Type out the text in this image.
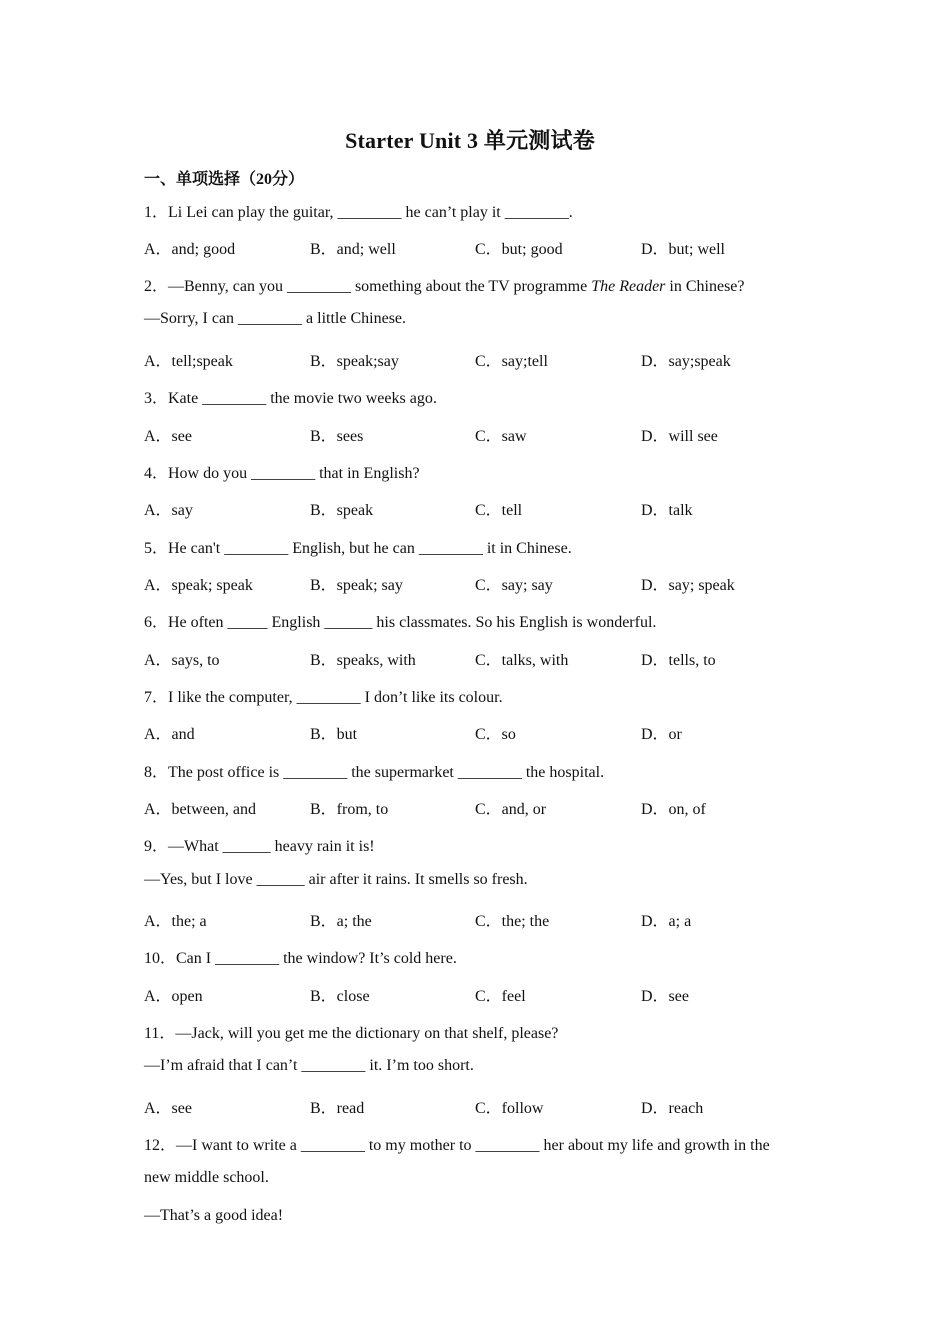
Starter Unit 3 单元测试卷
一、单项选择（20分）
1．Li Lei can play the guitar, ________ he can’t play it ________.
A．and; good	B．and; well	C．but; good	D．but; well
2．—Benny, can you ________ something about the TV programme The Reader in Chinese?
—Sorry, I can ________ a little Chinese.
A．tell;speak	B．speak;say	C．say;tell	D．say;speak
3．Kate ________ the movie two weeks ago.
A．see	B．sees	C．saw	D．will see
4．How do you ________ that in English?
A．say	B．speak	C．tell	D．talk
5．He can't ________ English, but he can ________ it in Chinese.
A．speak; speak	B．speak; say	C．say; say	D．say; speak
6．He often _____ English ______ his classmates. So his English is wonderful.
A．says, to	B．speaks, with	C．talks, with	D．tells, to
7．I like the computer, ________ I don’t like its colour.
A．and	B．but	C．so	D．or
8．The post office is ________ the supermarket ________ the hospital.
A．between, and	B．from, to	C．and, or	D．on, of
9．—What ______ heavy rain it is!
—Yes, but I love ______ air after it rains. It smells so fresh.
A．the; a	B．a; the	C．the; the	D．a; a
10．Can I ________ the window? It’s cold here.
A．open	B．close	C．feel	D．see
11．—Jack, will you get me the dictionary on that shelf, please?
—I’m afraid that I can’t ________ it. I’m too short.
A．see	B．read	C．follow	D．reach
12．—I want to write a ________ to my mother to ________ her about my life and growth in the
new middle school.
—That’s a good idea!
